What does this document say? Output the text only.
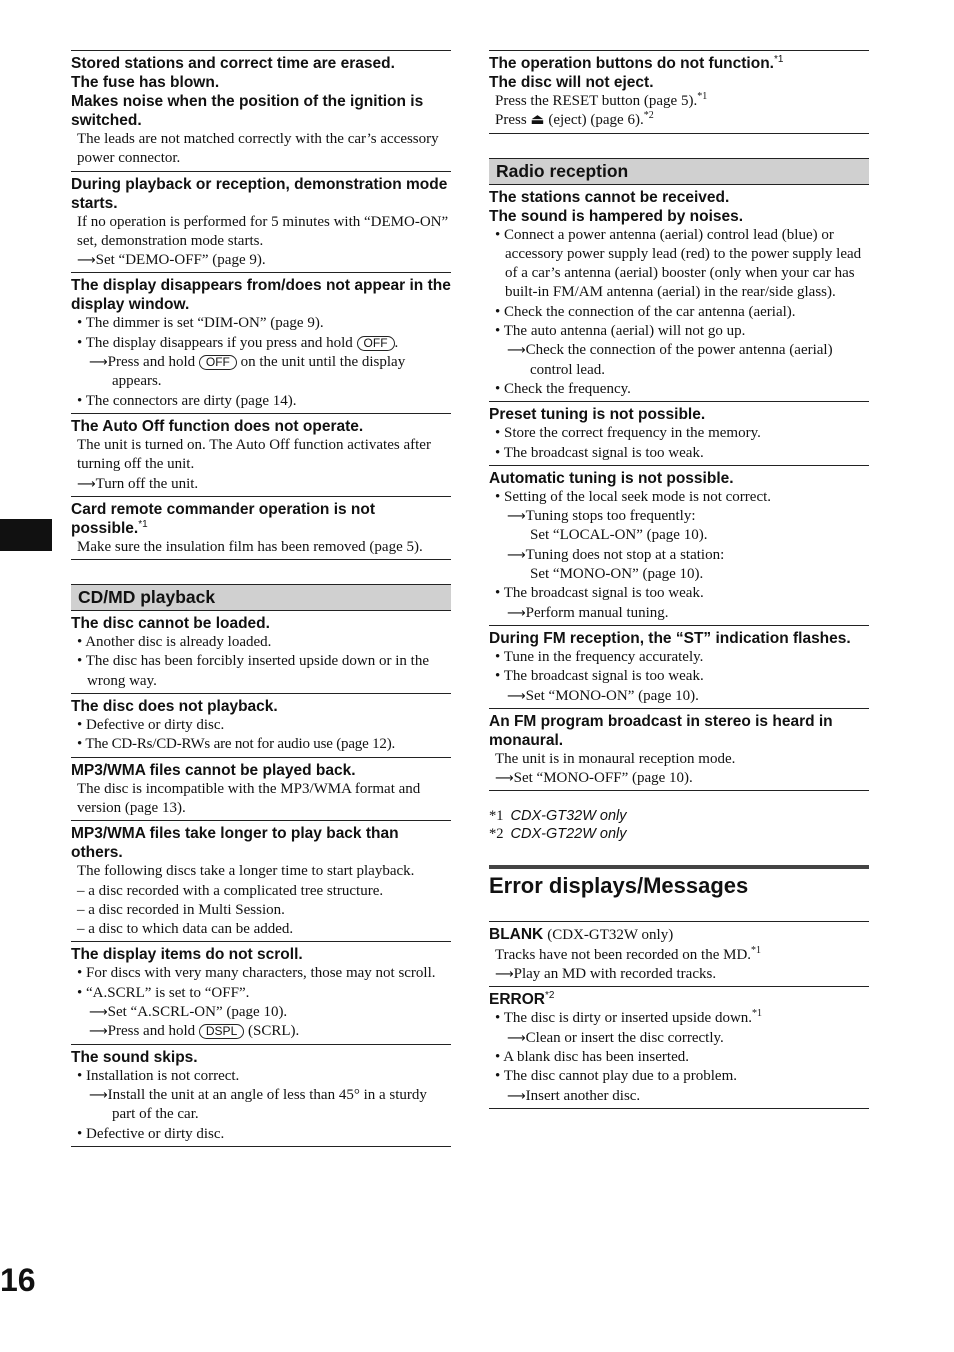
Stored stations and correct time are erased.
The fuse has blown.
Makes noise when the position of the ignition is switched.
The leads are not matched correctly with the car’s accessory power connector.
During playback or reception, demonstration mode starts.
If no operation is performed for 5 minutes with “DEMO-ON” set, demonstration mode starts.
⟶Set “DEMO-OFF” (page 9).
The display disappears from/does not appear in the display window.
• The dimmer is set “DIM-ON” (page 9).
• The display disappears if you press and hold OFF .
⟶Press and hold OFF on the unit until the display appears.
• The connectors are dirty (page 14).
The Auto Off function does not operate.
The unit is turned on. The Auto Off function activates after turning off the unit.
⟶Turn off the unit.
Card remote commander operation is not possible.$^{*1}$
Make sure the insulation film has been removed (page 5).
CD/MD playback
The disc cannot be loaded.
• Another disc is already loaded.
• The disc has been forcibly inserted upside down or in the wrong way.
The disc does not playback.
• Defective or dirty disc.
• The CD-Rs/CD-RWs are not for audio use (page 12).
MP3/WMA files cannot be played back.
The disc is incompatible with the MP3/WMA format and version (page 13).
MP3/WMA files take longer to play back than others.
The following discs take a longer time to start playback.
– a disc recorded with a complicated tree structure.
– a disc recorded in Multi Session.
– a disc to which data can be added.
The display items do not scroll.
• For discs with very many characters, those may not scroll.
• “A.SCRL” is set to “OFF”.
⟶Set “A.SCRL-ON” (page 10).
⟶Press and hold DSPL (SCRL).
The sound skips.
• Installation is not correct.
⟶Install the unit at an angle of less than 45° in a sturdy part of the car.
• Defective or dirty disc.
The operation buttons do not function.$^{*1}$
The disc will not eject.
Press the RESET button (page 5).$^{*1}$
Press ⏏ (eject) (page 6).$^{*2}$
Radio reception
The stations cannot be received.
The sound is hampered by noises.
• Connect a power antenna (aerial) control lead (blue) or accessory power supply lead (red) to the power supply lead of a car’s antenna (aerial) booster (only when your car has built-in FM/AM antenna (aerial) in the rear/side glass).
• Check the connection of the car antenna (aerial).
• The auto antenna (aerial) will not go up.
⟶Check the connection of the power antenna (aerial) control lead.
• Check the frequency.
Preset tuning is not possible.
• Store the correct frequency in the memory.
• The broadcast signal is too weak.
Automatic tuning is not possible.
• Setting of the local seek mode is not correct.
⟶Tuning stops too frequently:
Set “LOCAL-ON” (page 10).
⟶Tuning does not stop at a station:
Set “MONO-ON” (page 10).
• The broadcast signal is too weak.
⟶Perform manual tuning.
During FM reception, the “ST” indication flashes.
• Tune in the frequency accurately.
• The broadcast signal is too weak.
⟶Set “MONO-ON” (page 10).
An FM program broadcast in stereo is heard in monaural.
The unit is in monaural reception mode.
⟶Set “MONO-OFF” (page 10).
*1 CDX-GT32W only
*2 CDX-GT22W only
Error displays/Messages
BLANK (CDX-GT32W only)
Tracks have not been recorded on the MD.$^{*1}$
⟶Play an MD with recorded tracks.
ERROR$^{*2}$
• The disc is dirty or inserted upside down.$^{*1}$
⟶Clean or insert the disc correctly.
• A blank disc has been inserted.
• The disc cannot play due to a problem.
⟶Insert another disc.
16
